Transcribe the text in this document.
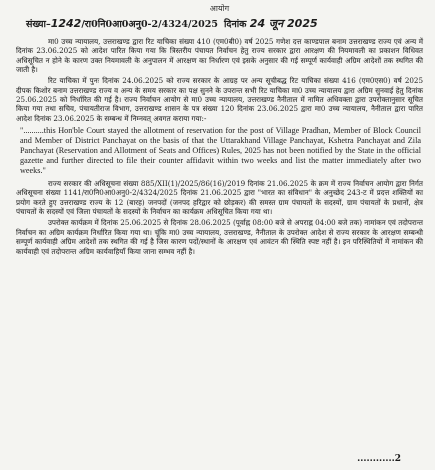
आयोग
संख्या–1242/रा0नि0आ0अनु0-2/4324/2025 दिनांक 24 जून 2025

मा0 उच्च न्यायालय, उत्तराखण्ड द्वारा रिट याचिका संख्या 410 (एम0बी0) वर्ष 2025 गणेश दत्त काण्डपाल बनाम उत्तराखण्ड राज्य एवं अन्य में दिनांक 23.06.2025 को आदेश पारित किया गया कि त्रिस्तरीय पंचायत निर्वाचन हेतु राज्य सरकार द्वारा आरक्षण की नियमावली का प्रकाशन विधिवत अधिसूचित न होने के कारण उक्त नियमावली के अनुपालन में आरक्षण का निर्धारण एवं इसके अनुसार की गई सम्पूर्ण कार्यवाही अग्रिम आदेशों तक स्थगित की जाती है।

रिट याचिका में पुनः दिनांक 24.06.2025 को राज्य सरकार के आग्रह पर अन्य सूचीबद्ध रिट याचिका संख्या 416 (एम0एस0) वर्ष 2025 दीपक किशोर बनाम उत्तराखण्ड राज्य व अन्य के समय सरकार का पक्ष सुनने के उपरान्त सभी रिट याचिका मा0 उच्च न्यायालय द्वारा अग्रिम सुनवाई हेतु दिनांक 25.06.2025 को निर्धारित की गई है। राज्य निर्वाचन आयोग से मा0 उच्च न्यायालय, उत्तराखण्ड नैनीताल में नामित अधिवक्ता द्वारा उपरोक्तानुसार सूचित किया गया तथा सचिव, पंचायतीराज विभाग, उत्तराखण्ड शासन के पत्र संख्या 120 दिनांक 23.06.2025 द्वारा मा0 उच्च न्यायालय, नैनीताल द्वारा पारित आदेश दिनांक 23.06.2025 के सम्बन्ध में निम्नवत् अवगत कराया गया:-

"..........this Hon'ble Court stayed the allotment of reservation for the post of Village Pradhan, Member of Block Council and Member of District Panchayat on the basis of that the Uttarakhand Village Panchayat, Kshetra Panchayat and Zila Panchayat (Reservation and Allotment of Seats and Offices) Rules, 2025 has not been notified by the State in the official gazette and further directed to file their counter affidavit within two weeks and list the matter immediately after two weeks."

राज्य सरकार की अधिसूचना संख्या 885/XII(1)/2025/86(16)/2019 दिनांक 21.06.2025 के क्रम में राज्य निर्वाचन आयोग द्वारा निर्गत अधिसूचना संख्या 1141/रा0नि0आ0अनु0-2/4324/2025 दिनांक 21.06.2025 द्वारा "भारत का संविधान" के अनुच्छेद 243-ट में प्रदत्त शक्तियों का प्रयोग करते हुए उत्तराखण्ड राज्य के 12 (बारह) जनपदों (जनपद हरिद्वार को छोड़कर) की समस्त ग्राम पंचायतों के सदस्यों, ग्राम पंचायतों के प्रधानों, क्षेत्र पंचायतों के सदस्यों एवं जिला पंचायतों के सदस्यों के निर्वाचन का कार्यक्रम अधिसूचित किया गया था।

उपरोक्त कार्यक्रम में दिनांक 25.06.2025 से दिनांक 28.06.2025 (पूर्वाह्न 08:00 बजे से अपराह्न 04:00 बजे तक) नामांकन एवं तदोपरान्त निर्वाचन का अग्रिम कार्यक्रम निर्धारित किया गया था। चूंकि मा0 उच्च न्यायालय, उत्तराखण्ड, नैनीताल के उपरोक्त आदेश से राज्य सरकार के आरक्षण सम्बन्धी सम्पूर्ण कार्यवाही अग्रिम आदेशों तक स्थगित की गई है जिस कारण पदों/स्थानों के आरक्षण एवं आवंटन की स्थिति स्पष्ट नहीं है। इन परिस्थितियों में नामांकन की कार्यवाही एवं तदोपरान्त अग्रिम कार्यवाहियाँ किया जाना सम्भव नहीं है।

............2
